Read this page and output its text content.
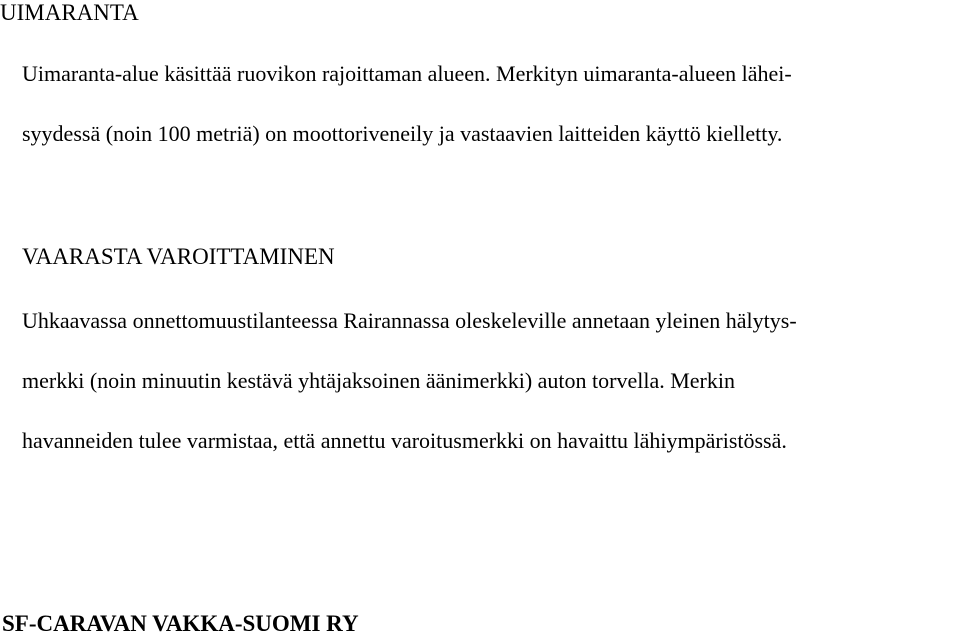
UIMARANTA

Uimaranta-alue käsittää ruovikon rajoittaman alueen. Merkityn uimaranta-alueen lähei-

syydessä (noin 100 metriä) on moottoriveneily ja vastaavien laitteiden käyttö kielletty.

VAARASTA VAROITTAMINEN

Uhkaavassa onnettomuustilanteessa Rairannassa oleskeleville annetaan yleinen hälytys-

merkki (noin minuutin kestävä yhtäjaksoinen äänimerkki) auton torvella. Merkin

havanneiden tulee varmistaa, että annettu varoitusmerkki on havaittu lähiympäristössä.

SF-CARAVAN VAKKA-SUOMI RY
